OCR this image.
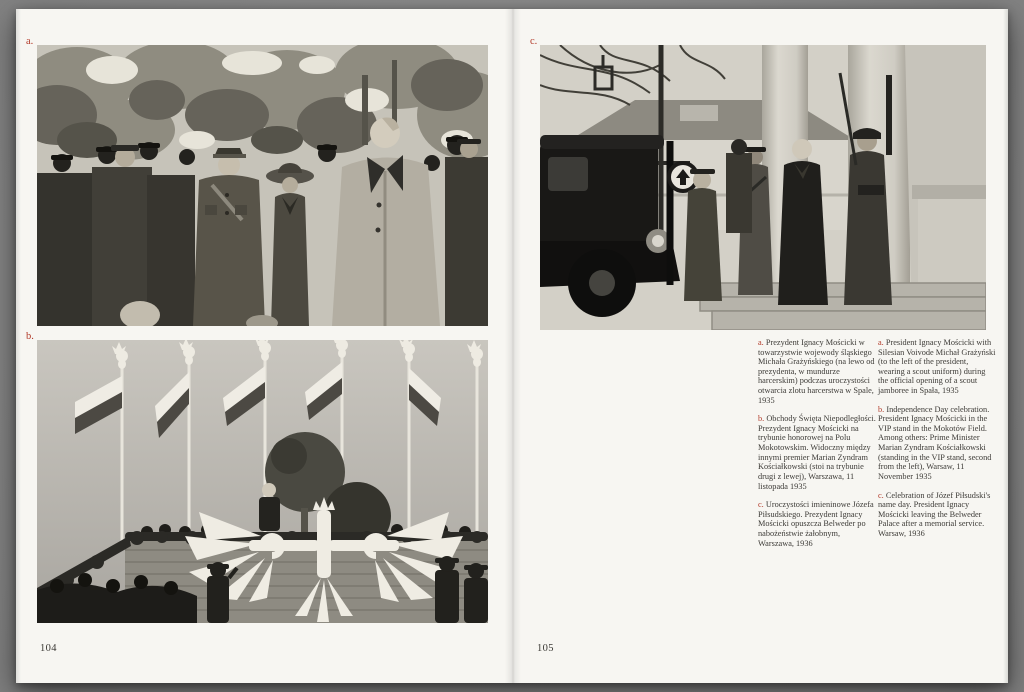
a.
b.
104
c.

a. Prezydent Ignacy Mościcki w towarzystwie wojewody śląskiego Michała Grażyńskiego (na lewo od prezydenta, w mundurze harcerskim) podczas uroczystości otwarcia zlotu harcerstwa w Spale, 1935

b. Obchody Święta Niepodległości. Prezydent Ignacy Mościcki na trybunie honorowej na Polu Mokotowskim. Widoczny między innymi premier Marian Zyndram Kościałkowski (stoi na trybunie drugi z lewej), Warszawa, 11 listopada 1935

c. Uroczystości imieninowe Józefa Piłsudskiego. Prezydent Ignacy Mościcki opuszcza Belweder po nabożeństwie żałobnym, Warszawa, 1936

a. President Ignacy Mościcki with Silesian Voivode Michał Grażyński (to the left of the president, wearing a scout uniform) during the official opening of a scout jamboree in Spała, 1935

b. Independence Day celebration. President Ignacy Mościcki in the VIP stand in the Mokotów Field. Among others: Prime Minister Marian Zyndram Kościałkowski (standing in the VIP stand, second from the left), Warsaw, 11 November 1935

c. Celebration of Józef Piłsudski's name day. President Ignacy Mościcki leaving the Belweder Palace after a memorial service. Warsaw, 1936

105
